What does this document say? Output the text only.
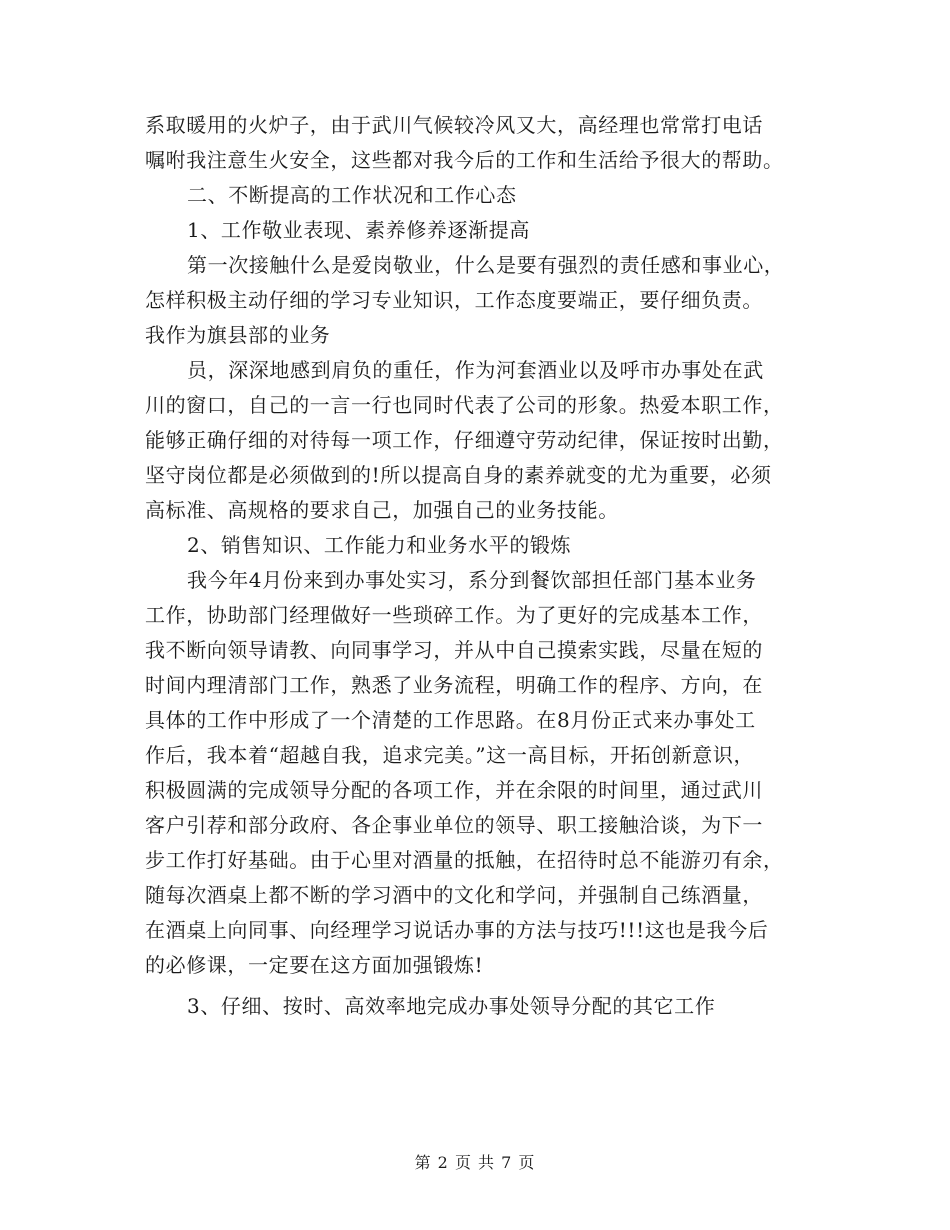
系取暖用的火炉子，由于武川气候较冷风又大，高经理也常常打电话
嘱咐我注意生火安全，这些都对我今后的工作和生活给予很大的帮助。
二、不断提高的工作状况和工作心态
1、工作敬业表现、素养修养逐渐提高
第一次接触什么是爱岗敬业，什么是要有强烈的责任感和事业心，
怎样积极主动仔细的学习专业知识，工作态度要端正，要仔细负责。
我作为旗县部的业务
员，深深地感到肩负的重任，作为河套酒业以及呼市办事处在武
川的窗口，自己的一言一行也同时代表了公司的形象。热爱本职工作，
能够正确仔细的对待每一项工作，仔细遵守劳动纪律，保证按时出勤，
坚守岗位都是必须做到的!所以提高自身的素养就变的尤为重要，必须
高标准、高规格的要求自己，加强自己的业务技能。
2、销售知识、工作能力和业务水平的锻炼
我今年4月份来到办事处实习，系分到餐饮部担任部门基本业务
工作，协助部门经理做好一些琐碎工作。为了更好的完成基本工作，
我不断向领导请教、向同事学习，并从中自己摸索实践，尽量在短的
时间内理清部门工作，熟悉了业务流程，明确工作的程序、方向，在
具体的工作中形成了一个清楚的工作思路。在8月份正式来办事处工
作后，我本着“超越自我，追求完美。”这一高目标，开拓创新意识，
积极圆满的完成领导分配的各项工作，并在余限的时间里，通过武川
客户引荐和部分政府、各企事业单位的领导、职工接触洽谈，为下一
步工作打好基础。由于心里对酒量的抵触，在招待时总不能游刃有余，
随每次酒桌上都不断的学习酒中的文化和学问，并强制自己练酒量，
在酒桌上向同事、向经理学习说话办事的方法与技巧!!!这也是我今后
的必修课，一定要在这方面加强锻炼!
3、仔细、按时、高效率地完成办事处领导分配的其它工作
第 2 页 共 7 页
